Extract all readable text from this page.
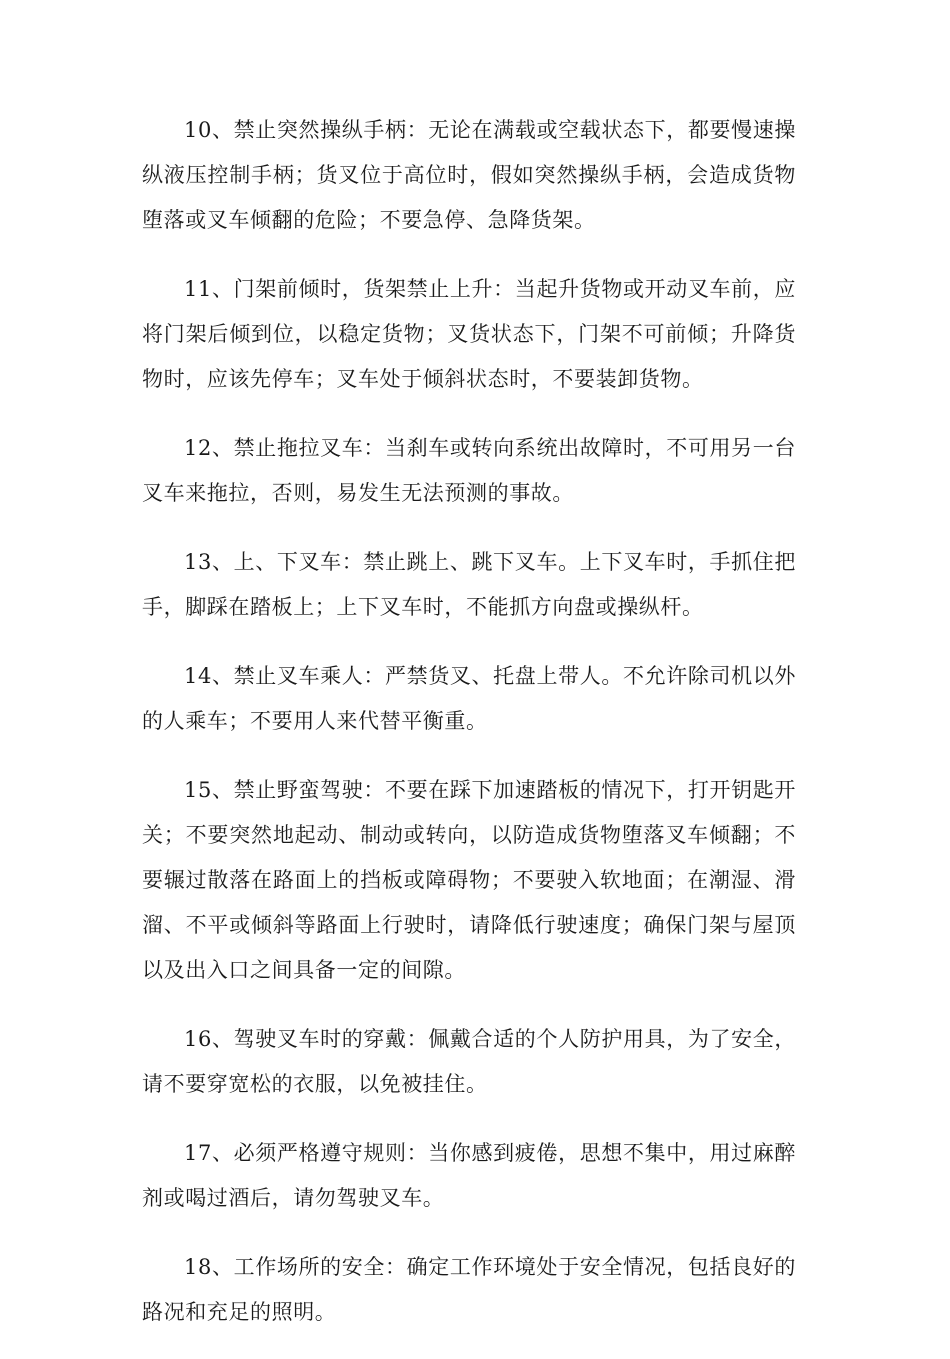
10、禁止突然操纵手柄：无论在满载或空载状态下，都要慢速操纵液压控制手柄；货叉位于高位时，假如突然操纵手柄，会造成货物堕落或叉车倾翻的危险；不要急停、急降货架。

11、门架前倾时，货架禁止上升：当起升货物或开动叉车前，应将门架后倾到位，以稳定货物；叉货状态下，门架不可前倾；升降货物时，应该先停车；叉车处于倾斜状态时，不要装卸货物。

12、禁止拖拉叉车：当刹车或转向系统出故障时，不可用另一台叉车来拖拉，否则，易发生无法预测的事故。

13、上、下叉车：禁止跳上、跳下叉车。上下叉车时，手抓住把手，脚踩在踏板上；上下叉车时，不能抓方向盘或操纵杆。

14、禁止叉车乘人：严禁货叉、托盘上带人。不允许除司机以外的人乘车；不要用人来代替平衡重。

15、禁止野蛮驾驶：不要在踩下加速踏板的情况下，打开钥匙开关；不要突然地起动、制动或转向，以防造成货物堕落叉车倾翻；不要辗过散落在路面上的挡板或障碍物；不要驶入软地面；在潮湿、滑溜、不平或倾斜等路面上行驶时，请降低行驶速度；确保门架与屋顶以及出入口之间具备一定的间隙。

16、驾驶叉车时的穿戴：佩戴合适的个人防护用具，为了安全，请不要穿宽松的衣服，以免被挂住。

17、必须严格遵守规则：当你感到疲倦，思想不集中，用过麻醉剂或喝过酒后，请勿驾驶叉车。

18、工作场所的安全：确定工作环境处于安全情况，包括良好的路况和充足的照明。
